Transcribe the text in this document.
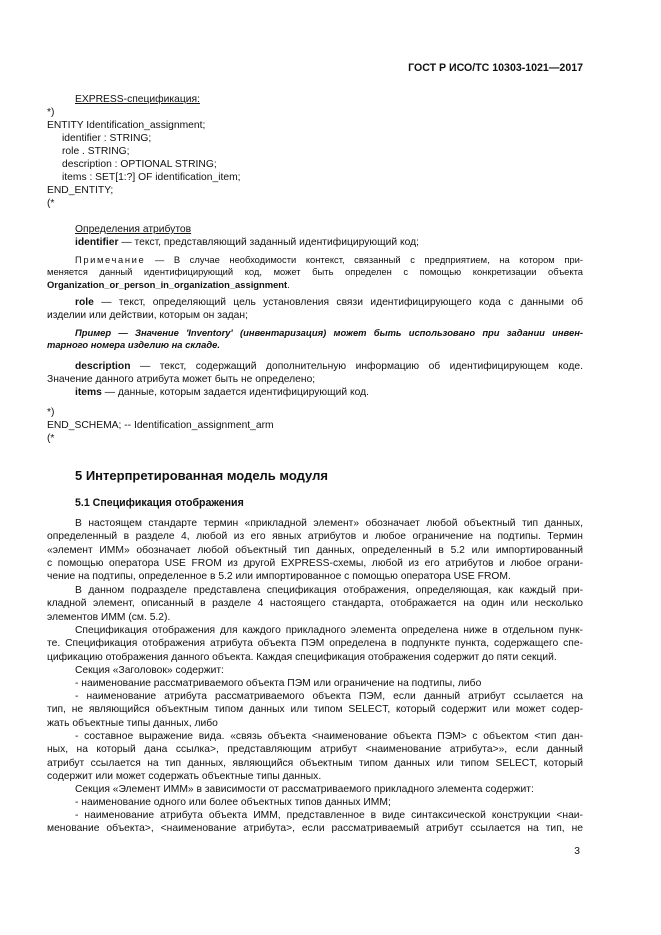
ГОСТ Р ИСО/ТС 10303-1021—2017
EXPRESS-спецификация:
*)
ENTITY Identification_assignment;
identifier : STRING;
role . STRING;
description : OPTIONAL STRING;
items : SET[1:?] OF identification_item;
END_ENTITY;
(*
Определения атрибутов
identifier — текст, представляющий заданный идентифицирующий код;
Примечание — В случае необходимости контекст, связанный с предприятием, на котором при-
меняется данный идентифицирующий код, может быть определен с помощью конкретизации объекта
Organization_or_person_in_organization_assignment.
role — текст, определяющий цель установления связи идентифицирующего кода с данными об
изделии или действии, которым он задан;
Пример — Значение 'Inventory' (инвентаризация) может быть использовано при задании инвен-
тарного номера изделию на складе.
description — текст, содержащий дополнительную информацию об идентифицирующем коде.
Значение данного атрибута может быть не определено;
items — данные, которым задается идентифицирующий код.
*)
END_SCHEMA; -- Identification_assignment_arm
(*
5 Интерпретированная модель модуля
5.1 Спецификация отображения
В настоящем стандарте термин «прикладной элемент» обозначает любой объектный тип данных,
определенный в разделе 4, любой из его явных атрибутов и любое ограничение на подтипы. Термин
«элемент ИММ» обозначает любой объектный тип данных, определенный в 5.2 или импортированный
с помощью оператора USE FROM из другой EXPRESS-схемы, любой из его атрибутов и любое ограни-
чение на подтипы, определенное в 5.2 или импортированное с помощью оператора USE FROM.
В данном подразделе представлена спецификация отображения, определяющая, как каждый при-
кладной элемент, описанный в разделе 4 настоящего стандарта, отображается на один или несколько
элементов ИММ (см. 5.2).
Спецификация отображения для каждого прикладного элемента определена ниже в отдельном пунк-
те. Спецификация отображения атрибута объекта ПЭМ определена в подпункте пункта, содержащего спе-
цификацию отображения данного объекта. Каждая спецификация отображения содержит до пяти секций.
Секция «Заголовок» содержит:
- наименование рассматриваемого объекта ПЭМ или ограничение на подтипы, либо
- наименование атрибута рассматриваемого объекта ПЭМ, если данный атрибут ссылается на
тип, не являющийся объектным типом данных или типом SELECT, который содержит или может содер-
жать объектные типы данных, либо
- составное выражение вида. «связь объекта <наименование объекта ПЭМ> с объектом <тип дан-
ных, на который дана ссылка>, представляющим атрибут <наименование атрибута>», если данный
атрибут ссылается на тип данных, являющийся объектным типом данных или типом SELECT, который
содержит или может содержать объектные типы данных.
Секция «Элемент ИММ» в зависимости от рассматриваемого прикладного элемента содержит:
- наименование одного или более объектных типов данных ИММ;
- наименование атрибута объекта ИММ, представленное в виде синтаксической конструкции <наи-
менование объекта>, <наименование атрибута>, если рассматриваемый атрибут ссылается на тип, не
3
